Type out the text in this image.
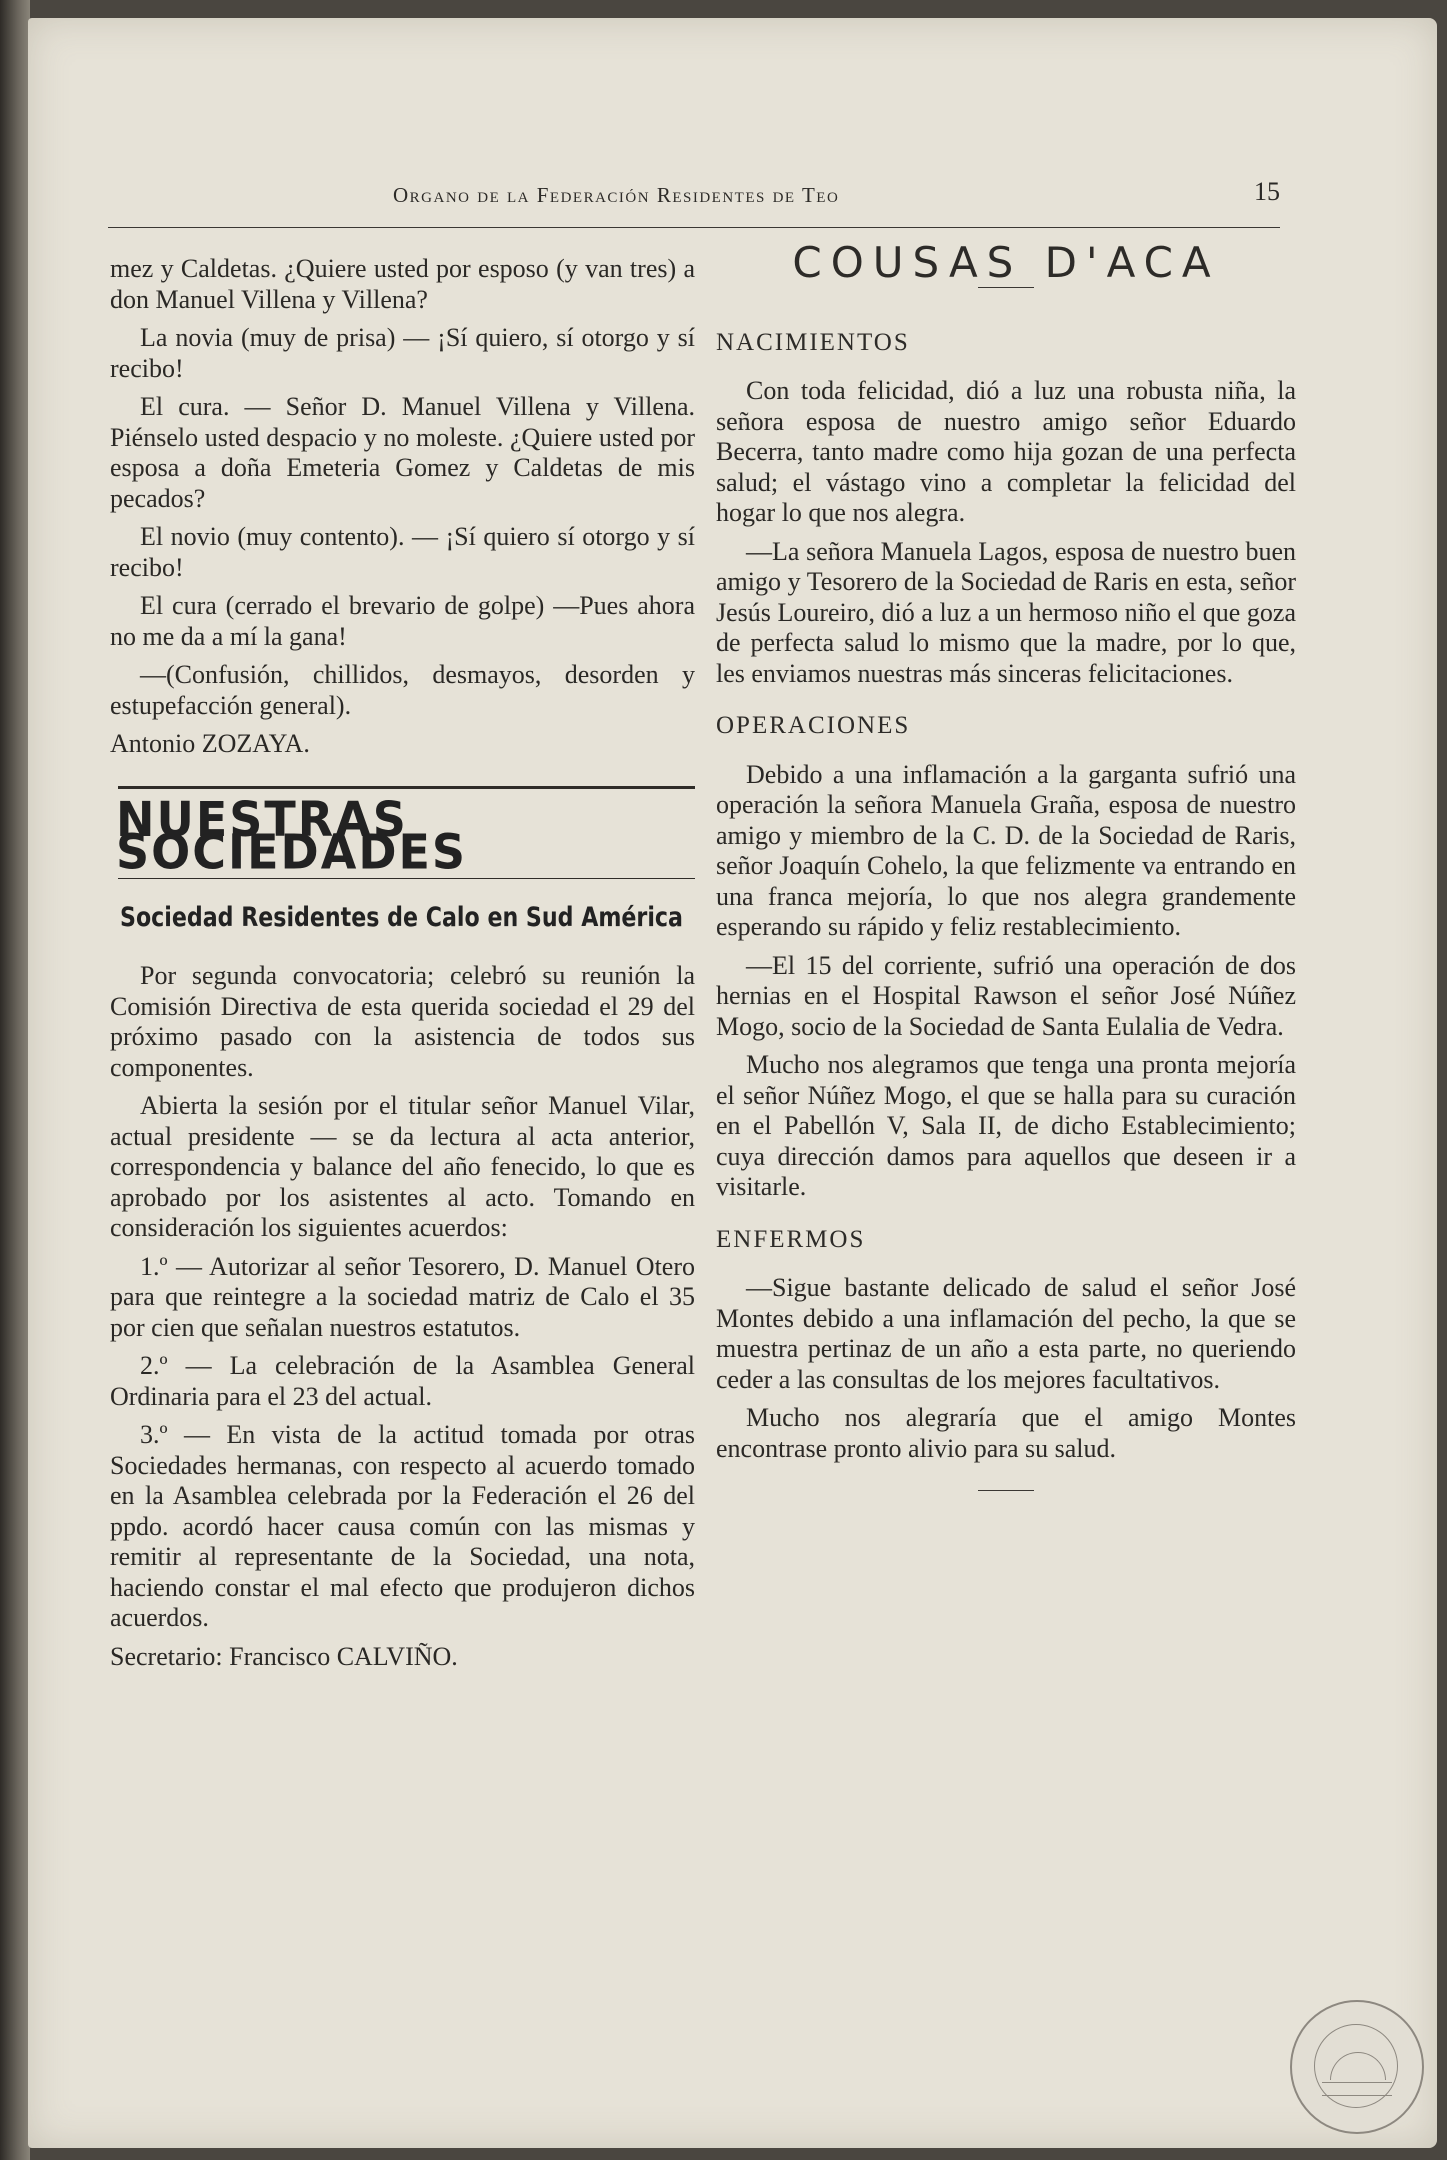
Organo de la Federación Residentes de Teo	15

mez y Caldetas. ¿Quiere usted por esposo (y van tres) a don Manuel Villena y Villena?

La novia (muy de prisa) — ¡Sí quiero, sí otorgo y sí recibo!

El cura. — Señor D. Manuel Villena y Villena. Piénselo usted despacio y no moleste. ¿Quiere usted por esposa a doña Emeteria Gomez y Caldetas de mis pecados?

El novio (muy contento). — ¡Sí quiero sí otorgo y sí recibo!

El cura (cerrado el brevario de golpe) —Pues ahora no me da a mí la gana!

—(Confusión, chillidos, desmayos, desorden y estupefacción general).

Antonio ZOZAYA.

NUESTRAS SOCIEDADES
Sociedad Residentes de Calo en Sud América

Por segunda convocatoria; celebró su reunión la Comisión Directiva de esta querida sociedad el 29 del próximo pasado con la asistencia de todos sus componentes.

Abierta la sesión por el titular señor Manuel Vilar, actual presidente — se da lectura al acta anterior, correspondencia y balance del año fenecido, lo que es aprobado por los asistentes al acto. Tomando en consideración los siguientes acuerdos:

1.º — Autorizar al señor Tesorero, D. Manuel Otero para que reintegre a la sociedad matriz de Calo el 35 por cien que señalan nuestros estatutos.

2.º — La celebración de la Asamblea General Ordinaria para el 23 del actual.

3.º — En vista de la actitud tomada por otras Sociedades hermanas, con respecto al acuerdo tomado en la Asamblea celebrada por la Federación el 26 del ppdo. acordó hacer causa común con las mismas y remitir al representante de la Sociedad, una nota, haciendo constar el mal efecto que produjeron dichos acuerdos.

Secretario: Francisco CALVIÑO.

COUSAS D'ACA
NACIMIENTOS

Con toda felicidad, dió a luz una robusta niña, la señora esposa de nuestro amigo señor Eduardo Becerra, tanto madre como hija gozan de una perfecta salud; el vástago vino a completar la felicidad del hogar lo que nos alegra.

—La señora Manuela Lagos, esposa de nuestro buen amigo y Tesorero de la Sociedad de Raris en esta, señor Jesús Loureiro, dió a luz a un hermoso niño el que goza de perfecta salud lo mismo que la madre, por lo que, les enviamos nuestras más sinceras felicitaciones.

OPERACIONES

Debido a una inflamación a la garganta sufrió una operación la señora Manuela Graña, esposa de nuestro amigo y miembro de la C. D. de la Sociedad de Raris, señor Joaquín Cohelo, la que felizmente va entrando en una franca mejoría, lo que nos alegra grandemente esperando su rápido y feliz restablecimiento.

—El 15 del corriente, sufrió una operación de dos hernias en el Hospital Rawson el señor José Núñez Mogo, socio de la Sociedad de Santa Eulalia de Vedra.

Mucho nos alegramos que tenga una pronta mejoría el señor Núñez Mogo, el que se halla para su curación en el Pabellón V, Sala II, de dicho Establecimiento; cuya dirección damos para aquellos que deseen ir a visitarle.

ENFERMOS

—Sigue bastante delicado de salud el señor José Montes debido a una inflamación del pecho, la que se muestra pertinaz de un año a esta parte, no queriendo ceder a las consultas de los mejores facultativos.

Mucho nos alegraría que el amigo Montes encontrase pronto alivio para su salud.
